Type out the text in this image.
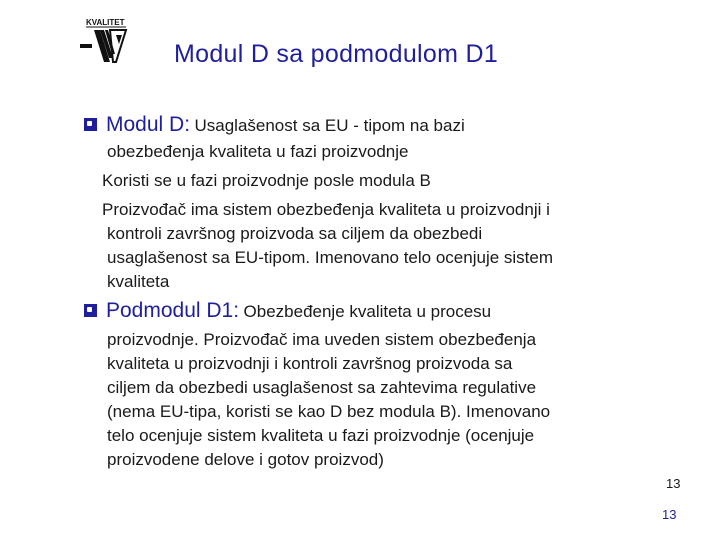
KVALITET
Modul D sa podmodulom D1
Modul D: Usaglašenost sa EU - tipom na bazi
obezbeđenja kvaliteta u fazi proizvodnje
Koristi se u fazi proizvodnje posle modula B
Proizvođač ima sistem obezbeđenja kvaliteta u proizvodnji i
kontroli završnog proizvoda sa ciljem da obezbedi
usaglašenost sa EU-tipom. Imenovano telo ocenjuje sistem
kvaliteta
Podmodul D1: Obezbeđenje kvaliteta u procesu
proizvodnje. Proizvođač ima uveden sistem obezbeđenja
kvaliteta u proizvodnji i kontroli završnog proizvoda sa
ciljem da obezbedi usaglašenost sa zahtevima regulative
(nema EU-tipa, koristi se kao D bez modula B). Imenovano
telo ocenjuje sistem kvaliteta u fazi proizvodnje (ocenjuje
proizvodene delove i gotov proizvod)
13
13
